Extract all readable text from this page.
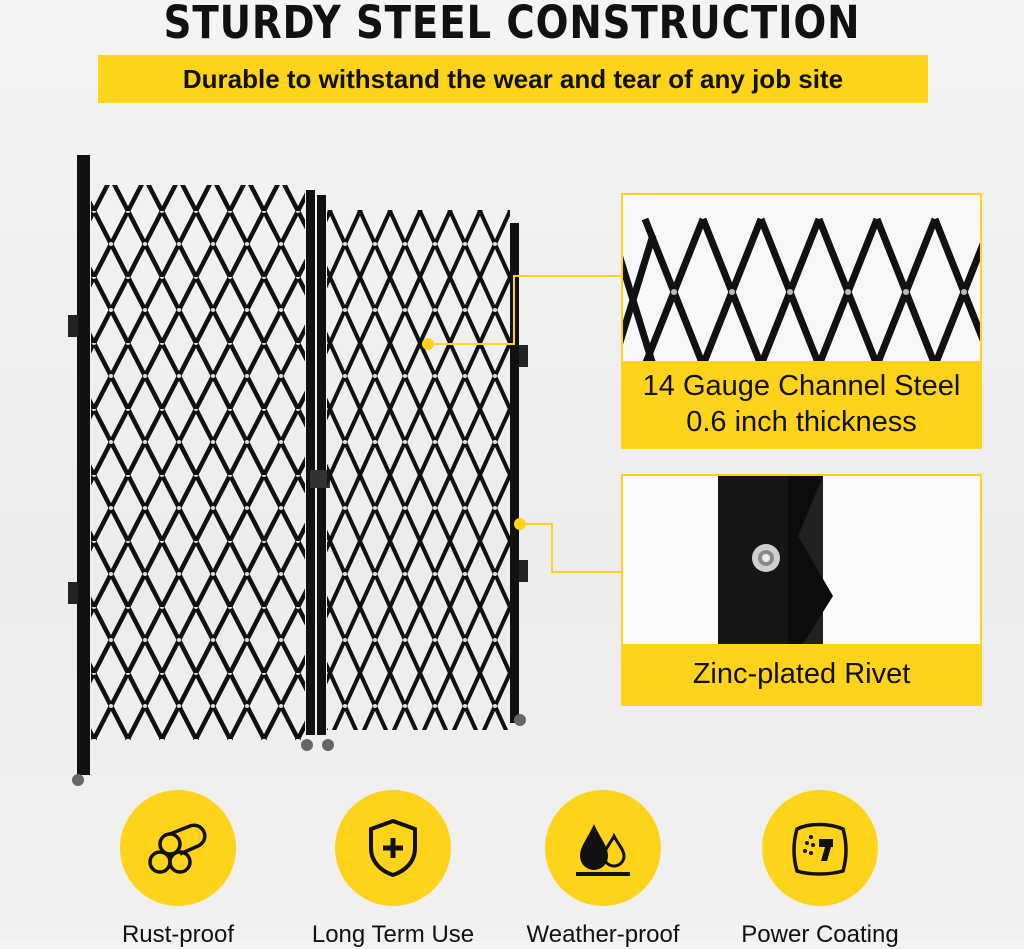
STURDY STEEL CONSTRUCTION
Durable to withstand the wear and tear of any job site
14 Gauge Channel Steel
0.6 inch thickness
Zinc-plated Rivet
Rust-proof	Long Term Use	Weather-proof	Power Coating
